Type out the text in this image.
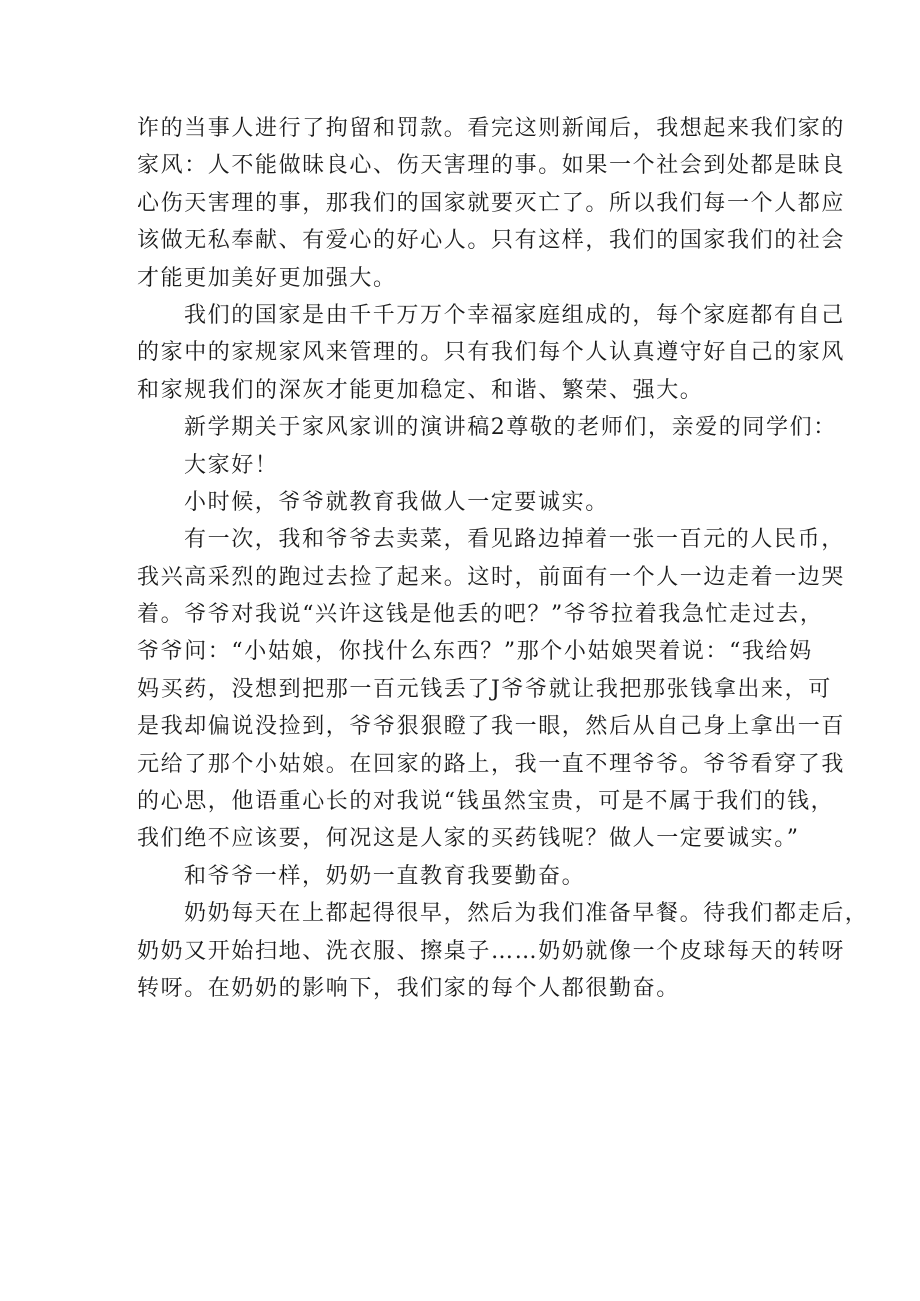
诈的当事人进行了拘留和罚款。看完这则新闻后，我想起来我们家的
家风：人不能做昧良心、伤天害理的事。如果一个社会到处都是昧良
心伤天害理的事，那我们的国家就要灭亡了。所以我们每一个人都应
该做无私奉献、有爱心的好心人。只有这样，我们的国家我们的社会
才能更加美好更加强大。
我们的国家是由千千万万个幸福家庭组成的，每个家庭都有自己
的家中的家规家风来管理的。只有我们每个人认真遵守好自己的家风
和家规我们的深灰才能更加稳定、和谐、繁荣、强大。
新学期关于家风家训的演讲稿2尊敬的老师们，亲爱的同学们：
大家好！
小时候，爷爷就教育我做人一定要诚实。
有一次，我和爷爷去卖菜，看见路边掉着一张一百元的人民币，
我兴高采烈的跑过去捡了起来。这时，前面有一个人一边走着一边哭
着。爷爷对我说“兴许这钱是他丢的吧？”爷爷拉着我急忙走过去，
爷爷问：“小姑娘，你找什么东西？”那个小姑娘哭着说：“我给妈
妈买药，没想到把那一百元钱丢了J爷爷就让我把那张钱拿出来，可
是我却偏说没捡到，爷爷狠狠瞪了我一眼，然后从自己身上拿出一百
元给了那个小姑娘。在回家的路上，我一直不理爷爷。爷爷看穿了我
的心思，他语重心长的对我说“钱虽然宝贵，可是不属于我们的钱，
我们绝不应该要，何况这是人家的买药钱呢？做人一定要诚实。”
和爷爷一样，奶奶一直教育我要勤奋。
奶奶每天在上都起得很早，然后为我们准备早餐。待我们都走后，
奶奶又开始扫地、洗衣服、擦桌子……奶奶就像一个皮球每天的转呀
转呀。在奶奶的影响下，我们家的每个人都很勤奋。
